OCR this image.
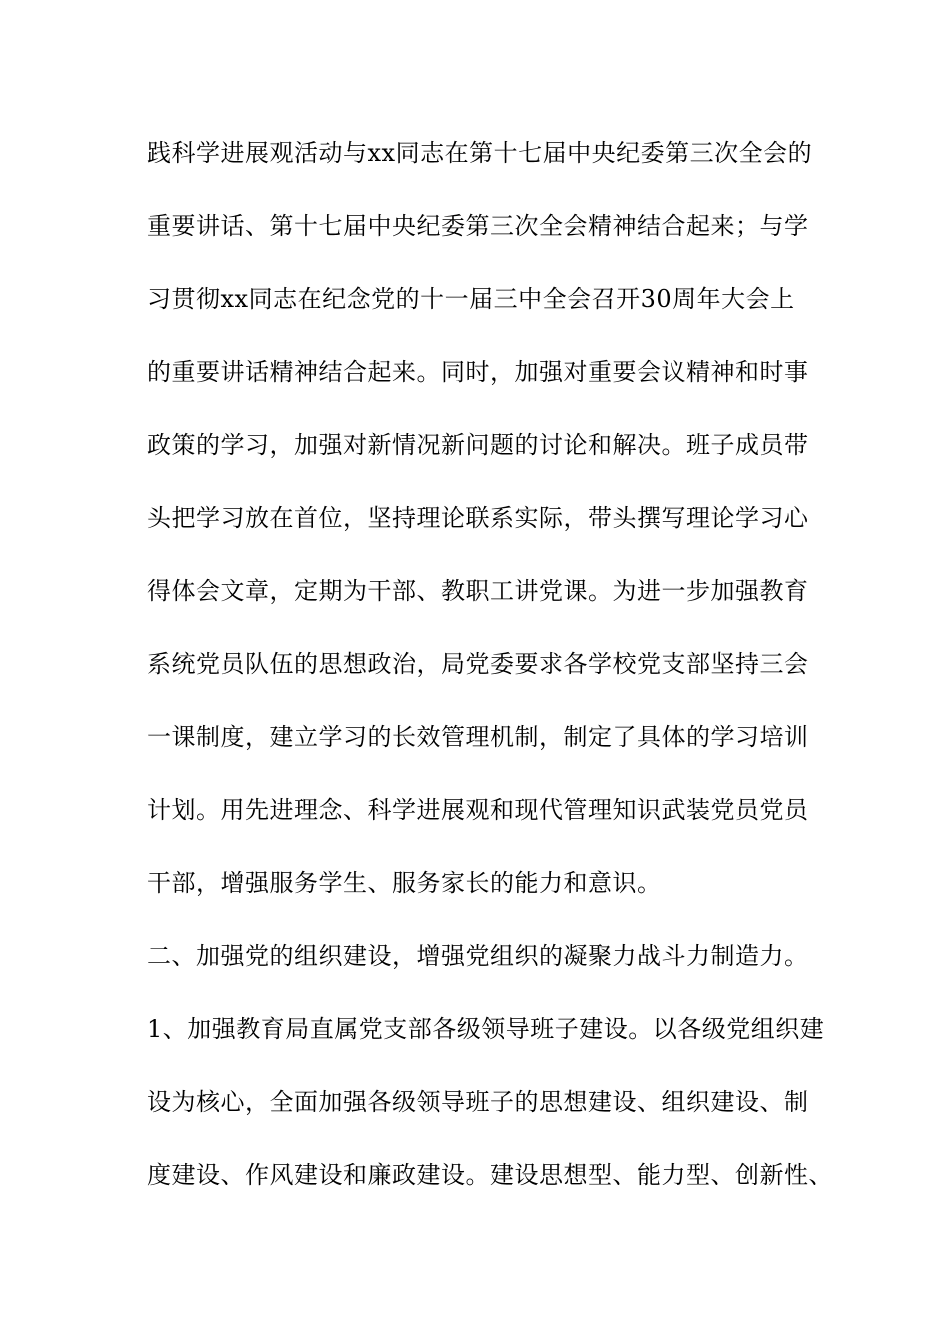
践科学进展观活动与xx同志在第十七届中央纪委第三次全会的
重要讲话、第十七届中央纪委第三次全会精神结合起来；与学
习贯彻xx同志在纪念党的十一届三中全会召开30周年大会上
的重要讲话精神结合起来。同时，加强对重要会议精神和时事
政策的学习，加强对新情况新问题的讨论和解决。班子成员带
头把学习放在首位，坚持理论联系实际，带头撰写理论学习心
得体会文章，定期为干部、教职工讲党课。为进一步加强教育
系统党员队伍的思想政治，局党委要求各学校党支部坚持三会
一课制度，建立学习的长效管理机制，制定了具体的学习培训
计划。用先进理念、科学进展观和现代管理知识武装党员党员
干部，增强服务学生、服务家长的能力和意识。
二、加强党的组织建设，增强党组织的凝聚力战斗力制造力。
1、加强教育局直属党支部各级领导班子建设。以各级党组织建
设为核心，全面加强各级领导班子的思想建设、组织建设、制
度建设、作风建设和廉政建设。建设思想型、能力型、创新性、
